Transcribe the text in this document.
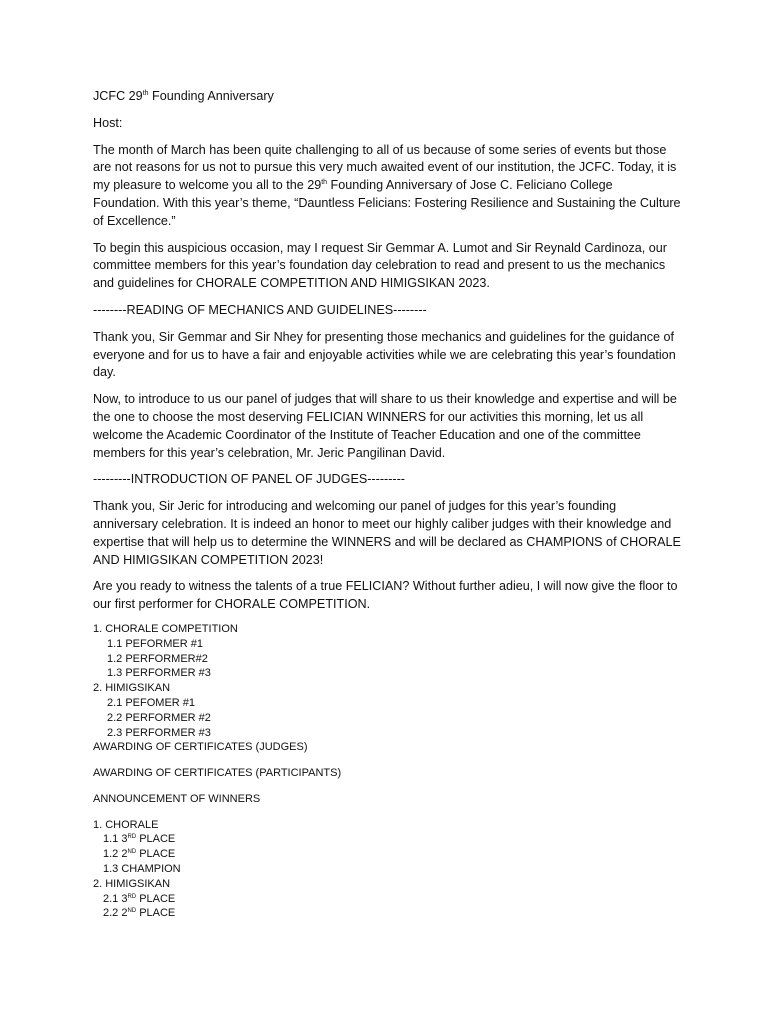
JCFC 29th Founding Anniversary

Host:

The month of March has been quite challenging to all of us because of some series of events but those are not reasons for us not to pursue this very much awaited event of our institution, the JCFC. Today, it is my pleasure to welcome you all to the 29th Founding Anniversary of Jose C. Feliciano College Foundation. With this year’s theme, “Dauntless Felicians: Fostering Resilience and Sustaining the Culture of Excellence.”

To begin this auspicious occasion, may I request Sir Gemmar A. Lumot and Sir Reynald Cardinoza, our committee members for this year’s foundation day celebration to read and present to us the mechanics and guidelines for CHORALE COMPETITION AND HIMIGSIKAN 2023.

--------READING OF MECHANICS AND GUIDELINES--------

Thank you, Sir Gemmar and Sir Nhey for presenting those mechanics and guidelines for the guidance of everyone and for us to have a fair and enjoyable activities while we are celebrating this year’s foundation day.

Now, to introduce to us our panel of judges that will share to us their knowledge and expertise and will be the one to choose the most deserving FELICIAN WINNERS for our activities this morning, let us all welcome the Academic Coordinator of the Institute of Teacher Education and one of the committee members for this year’s celebration, Mr. Jeric Pangilinan David.

---------INTRODUCTION OF PANEL OF JUDGES---------

Thank you, Sir Jeric for introducing and welcoming our panel of judges for this year’s founding anniversary celebration. It is indeed an honor to meet our highly caliber judges with their knowledge and expertise that will help us to determine the WINNERS and will be declared as CHAMPIONS of CHORALE AND HIMIGSIKAN COMPETITION 2023!

Are you ready to witness the talents of a true FELICIAN? Without further adieu, I will now give the floor to our first performer for CHORALE COMPETITION.

1. CHORALE COMPETITION
1.1 PEFORMER #1
1.2 PERFORMER#2
1.3 PERFORMER #3
2. HIMIGSIKAN
2.1 PEFOMER #1
2.2 PERFORMER #2
2.3 PERFORMER #3
AWARDING OF CERTIFICATES (JUDGES)
AWARDING OF CERTIFICATES (PARTICIPANTS)
ANNOUNCEMENT OF WINNERS
1. CHORALE
1.1 3RD PLACE
1.2 2ND PLACE
1.3 CHAMPION
2. HIMIGSIKAN
2.1 3RD PLACE
2.2 2ND PLACE
